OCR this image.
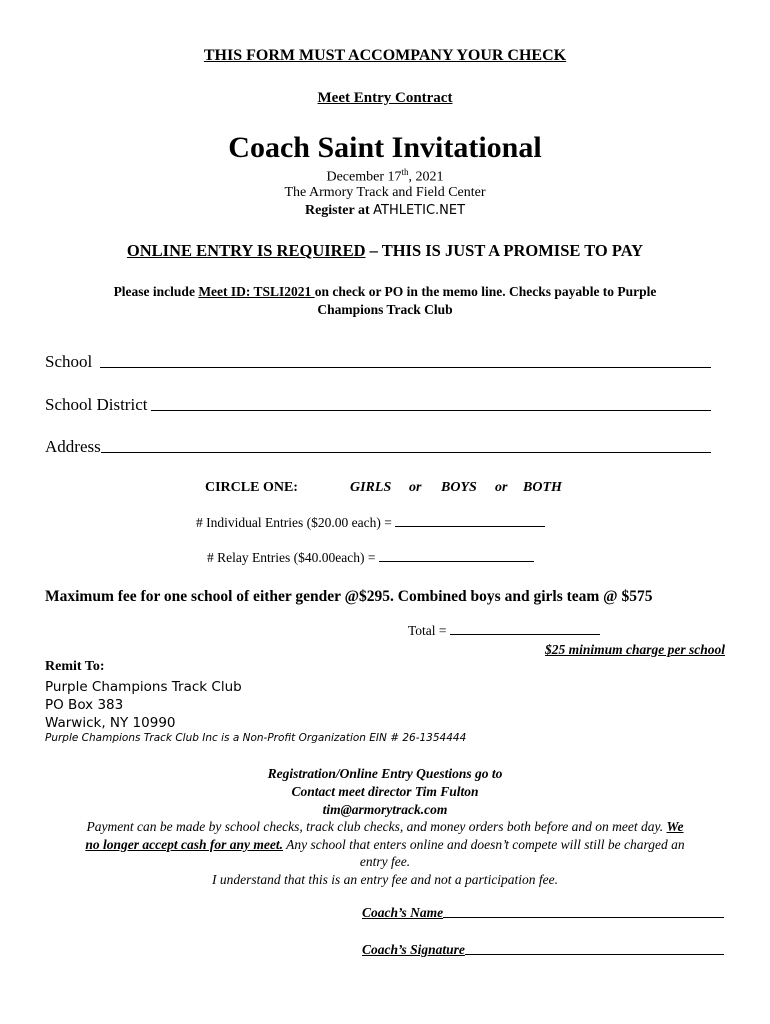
THIS FORM MUST ACCOMPANY YOUR CHECK
Meet Entry Contract
Coach Saint Invitational
December 17th, 2021
The Armory Track and Field Center
Register at ATHLETIC.NET
ONLINE ENTRY IS REQUIRED – THIS IS JUST A PROMISE TO PAY
Please include Meet ID: TSLI2021 on check or PO in the memo line. Checks payable to Purple
Champions Track Club
School
School District
Address
CIRCLE ONE:	GIRLS or BOYS or BOTH
# Individual Entries ($20.00 each) =
# Relay Entries ($40.00each) =
Maximum fee for one school of either gender @$295. Combined boys and girls team @ $575
Total =
$25 minimum charge per school
Remit To:
Purple Champions Track Club
PO Box 383
Warwick, NY 10990
Purple Champions Track Club Inc is a Non-Profit Organization EIN # 26-1354444
Registration/Online Entry Questions go to
Contact meet director Tim Fulton
tim@armorytrack.com
Payment can be made by school checks, track club checks, and money orders both before and on meet day. We
no longer accept cash for any meet. Any school that enters online and doesn’t compete will still be charged an
entry fee.
I understand that this is an entry fee and not a participation fee.
Coach’s Name
Coach’s Signature
